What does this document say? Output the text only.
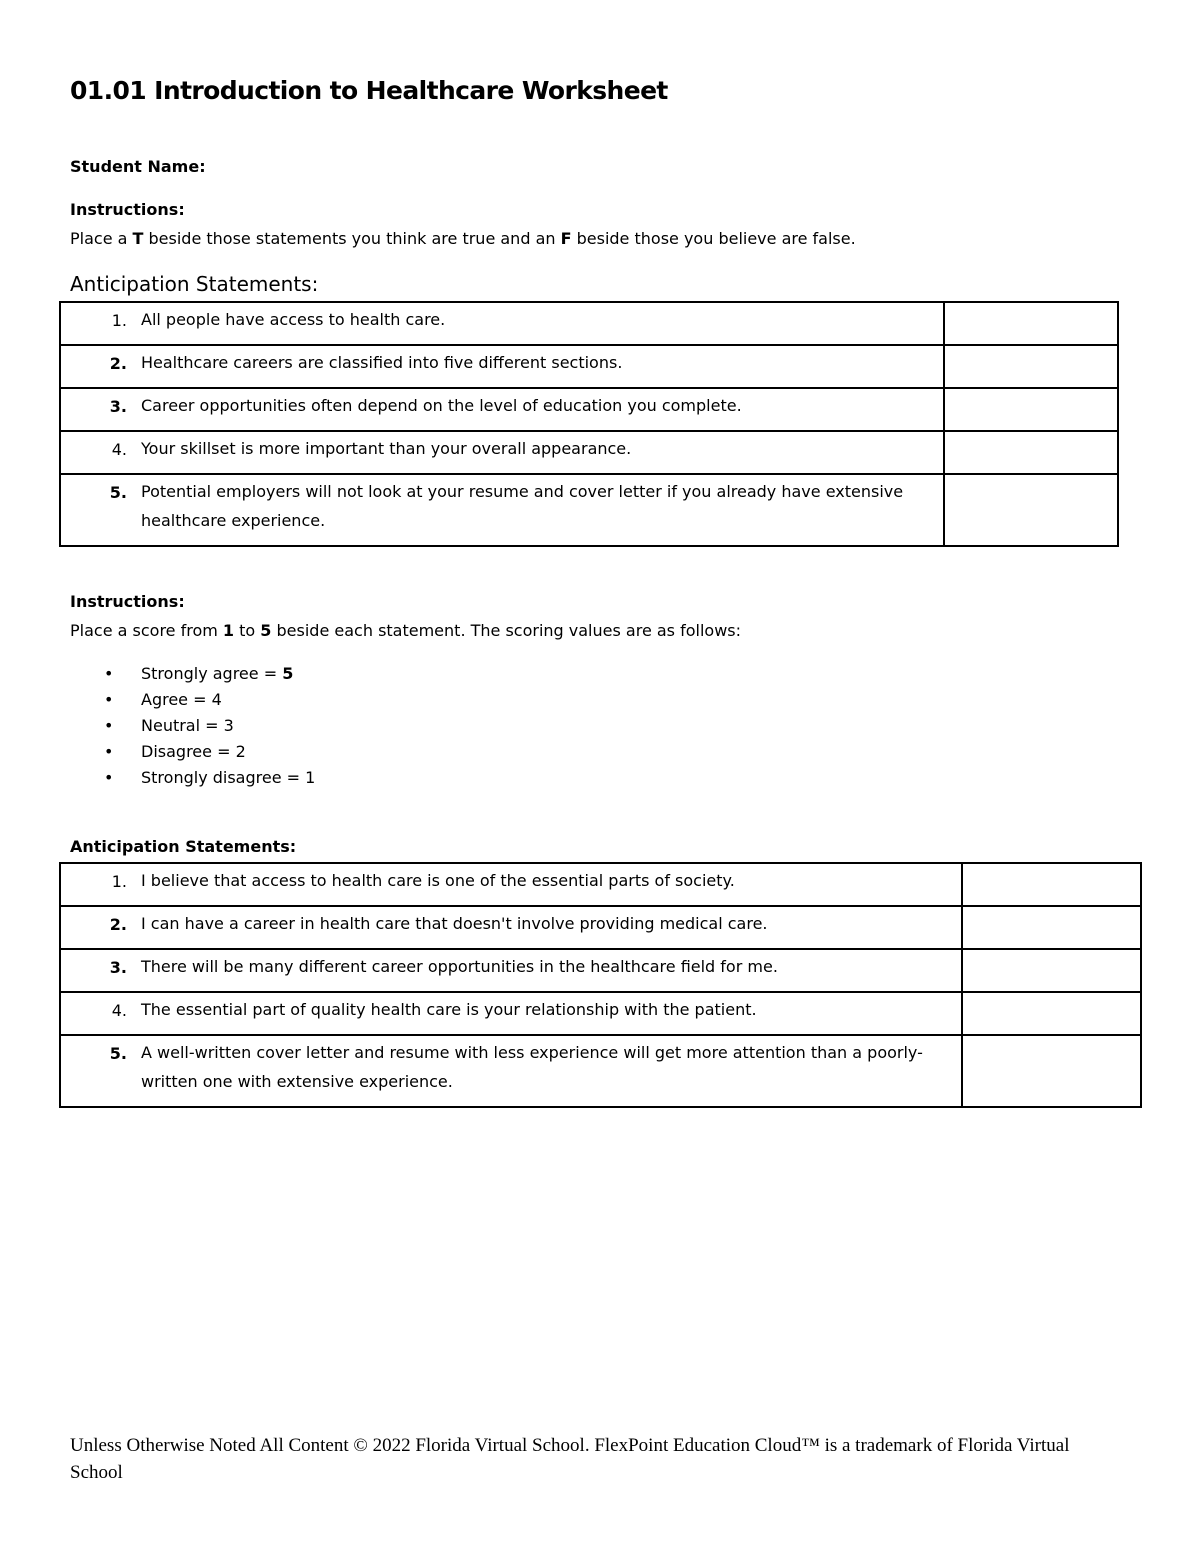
01.01 Introduction to Healthcare Worksheet
Student Name:
Instructions:
Place a T beside those statements you think are true and an F beside those you believe are false.
Anticipation Statements:
1. All people have access to health care.	

2. Healthcare careers are classified into five different sections.	

3. Career opportunities often depend on the level of education you complete.	

4. Your skillset is more important than your overall appearance.	

5. Potential employers will not look at your resume and cover letter if you already have extensive healthcare experience.	

Instructions:
Place a score from 1 to 5 beside each statement. The scoring values are as follows:
• Strongly agree = 5
• Agree = 4
• Neutral = 3
• Disagree = 2
• Strongly disagree = 1
Anticipation Statements:
1. I believe that access to health care is one of the essential parts of society.	

2. I can have a career in health care that doesn't involve providing medical care.	

3. There will be many different career opportunities in the healthcare field for me.	

4. The essential part of quality health care is your relationship with the patient.	

5. A well-written cover letter and resume with less experience will get more attention than a poorly-written one with extensive experience.	

Unless Otherwise Noted All Content © 2022 Florida Virtual School. FlexPoint Education Cloud™ is a trademark of Florida Virtual School
